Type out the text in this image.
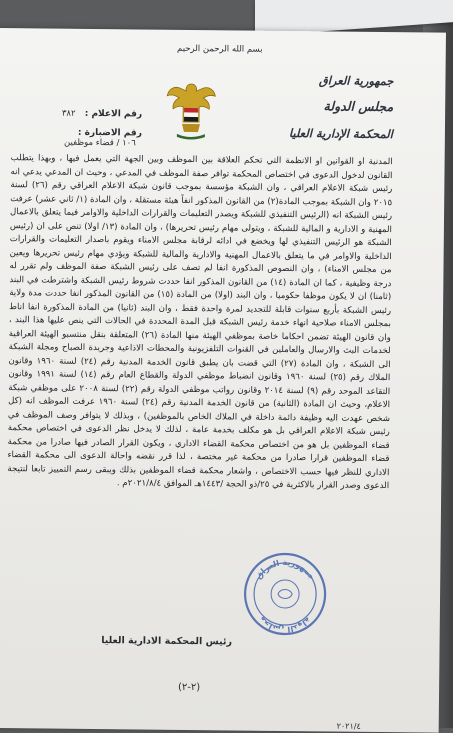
بسم الله الرحمن الرحيم
جمهورية العراق
مجلس الدولة
المحكمة الإدارية العليا
رقم الاعلام : ٣٨٢
رقم الاضبارة : ١٠٦ / قضاء موظفين
المدنية او القوانين او الانظمة التي تحكم العلاقة بين الموظف وبين الجهة التي يعمل فيها ، وبهذا يتطلب القانون لدخول الدعوى في اختصاص المحكمة توافر صفة الموظف في المدعي ، وحيث ان المدعي يدعي انه رئيس شبكة الاعلام العراقي ، وان الشبكة مؤسسة بموجب قانون شبكة الاعلام العراقي رقم (٢٦) لسنة ٢٠١٥ وان الشبكة بموجب المادة(٢) من القانون المذكور انفاً هيئة مستقلة ، وان المادة (١/ ثاني عشر) عرفت رئيس الشبكة انه (الرئيس التنفيذي للشبكة ويصدر التعليمات والقرارات الداخلية والاوامر فيما يتعلق بالاعمال المهنية و الادارية و المالية للشبكة ، ويتولى مهام رئيس تحريرها) ، وان المادة (١٣/ اولا) تنص على ان (رئيس الشبكة هو الرئيس التنفيذي لها ويخضع في ادائه لرقابة مجلس الامناء ويقوم باصدار التعليمات والقرارات الداخلية والاوامر في ما يتعلق بالاعمال المهنية والادارية والمالية للشبكة ويؤدي مهام رئيس تحريرها ويعين من مجلس الامناء) ، وان النصوص المذكورة انفا لم تصف على رئيس الشبكة صفة الموظف ولم تقرر له درجة وظيفية ، كما ان المادة (١٤) من القانون المذكور انفا حددت شروط رئيس الشبكة واشترطت في البند (ثامنا) ان لا يكون موظفا حكوميا ، وان البند (اولا) من المادة (١٥) من القانون المذكور انفا حددت مدة ولاية رئيس الشبكة بأربع سنوات قابلة للتجديد لمرة واحدة فقط ، وان البند (ثانيا) من المادة المذكورة انفا اناط بمجلس الامناء صلاحية انهاء خدمة رئيس الشبكة قبل المدة المحددة في الحالات التي ينص عليها هذا البند ، وان قانون الهيئة تضمن احكاما خاصة بموظفي الهيئة منها المادة (٢٦) المتعلقة بنقل منتسبو الهيئة العراقية لخدمات البث والارسال والعاملين في القنوات التلفزيونية والمحطات الاذاعية وجريدة الصباح ومجلة الشبكة الى الشبكة ، وان المادة (٢٧) التي قضت بان يطبق قانون الخدمة المدنية رقم (٢٤) لسنة ١٩٦٠ وقانون الملاك رقم (٢٥) لسنة ١٩٦٠ وقانون انضباط موظفي الدولة والقطاع العام رقم (١٤) لسنة ١٩٩١ وقانون التقاعد الموحد رقم (٩) لسنة ٢٠١٤ وقانون رواتب موظفي الدولة رقم (٢٢) لسنة ٢٠٠٨ على موظفي شبكة الاعلام، وحيث ان المادة (الثانية) من قانون الخدمة المدنية رقم (٢٤) لسنة ١٩٦٠ عرفت الموظف انه (كل شخص عهدت اليه وظيفة دائمة داخلة في الملاك الخاص بالموظفين) ، وبذلك لا يتوافر وصف الموظف في رئيس شبكة الاعلام العراقي بل هو مكلف بخدمة عامة ، لذلك لا يدخل نظر الدعوى في اختصاص محكمة قضاء الموظفين بل هو من اختصاص محكمة القضاء الاداري ، ويكون القرار الصادر فيها صادرا من محكمة قضاء الموظفين قرارا صادرا من محكمة غير مختصة ، لذا قرر نقضه واحالة الدعوى الى محكمة القضاء الاداري للنظر فيها حسب الاختصاص ، واشعار محكمة قضاء الموظفين بذلك ويبقى رسم التمييز تابعا لنتيجة الدعوى وصدر القرار بالاكثرية في ٢٥/ذو الحجة /١٤٤٣هـ الموافق ٢٠٢١/٨/٤م .
جمهورية العراق
مجلس الدولة
رئيس المحكمة الادارية العليا
(٢-٢)
٢٠٢١/٤
